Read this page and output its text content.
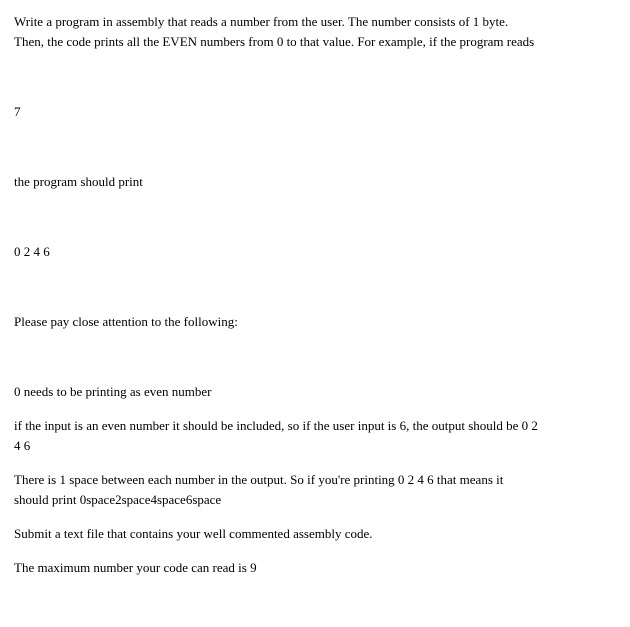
Write a program in assembly that reads a number from the user. The number consists of 1 byte.
Then, the code prints all the EVEN numbers from 0 to that value. For example, if the program reads

7

the program should print

0 2 4 6

Please pay close attention to the following:

0 needs to be printing as even number

if the input is an even number it should be included, so if the user input is 6, the output should be 0 2
4 6

There is 1 space between each number in the output. So if you're printing 0 2 4 6 that means it
should print 0space2space4space6space

Submit a text file that contains your well commented assembly code.

The maximum number your code can read is 9
